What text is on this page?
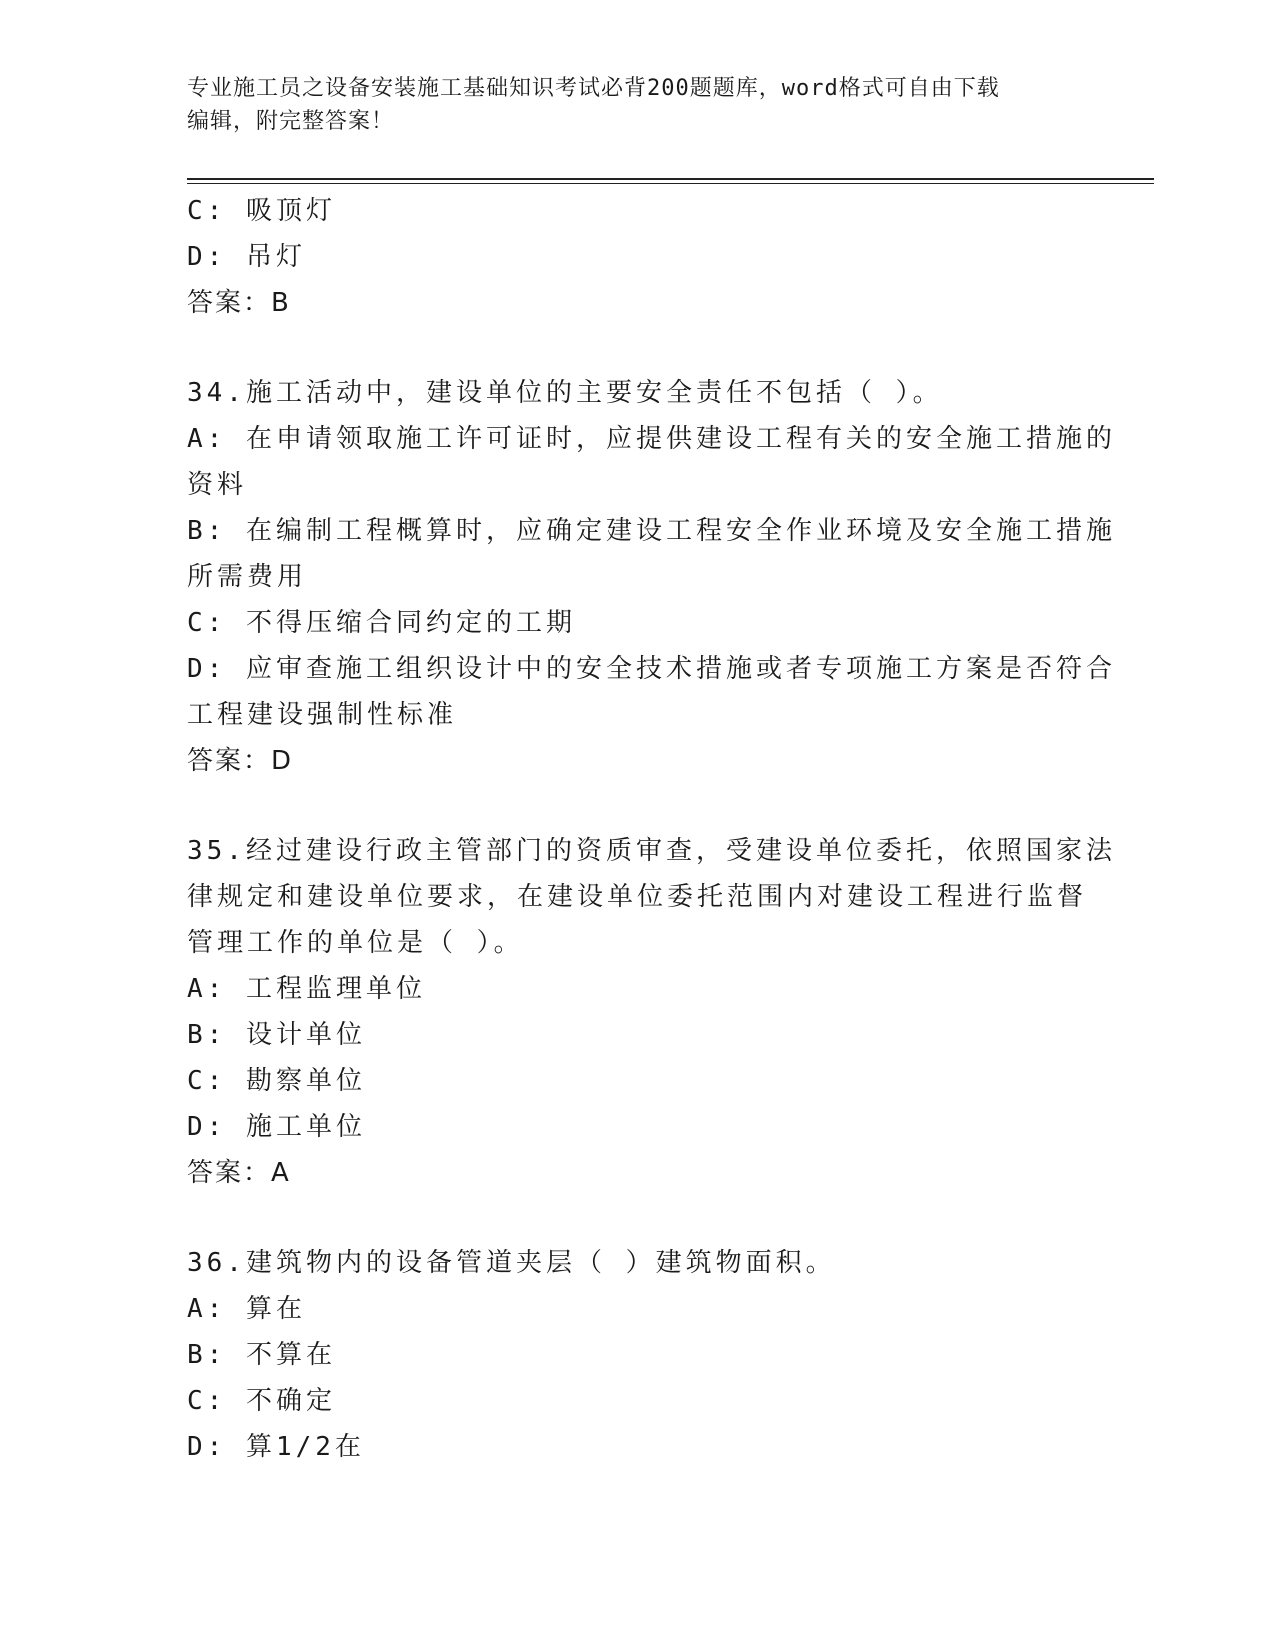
专业施工员之设备安装施工基础知识考试必背200题题库，word格式可自由下载
编辑，附完整答案！
C: 吸顶灯
D: 吊灯
答案：B
34.施工活动中，建设单位的主要安全责任不包括（ ）。
A: 在申请领取施工许可证时，应提供建设工程有关的安全施工措施的
资料
B: 在编制工程概算时，应确定建设工程安全作业环境及安全施工措施
所需费用
C: 不得压缩合同约定的工期
D: 应审查施工组织设计中的安全技术措施或者专项施工方案是否符合
工程建设强制性标准
答案：D
35.经过建设行政主管部门的资质审查，受建设单位委托，依照国家法
律规定和建设单位要求，在建设单位委托范围内对建设工程进行监督
管理工作的单位是（ ）。
A: 工程监理单位
B: 设计单位
C: 勘察单位
D: 施工单位
答案：A
36.建筑物内的设备管道夹层（ ）建筑物面积。
A: 算在
B: 不算在
C: 不确定
D: 算1/2在
